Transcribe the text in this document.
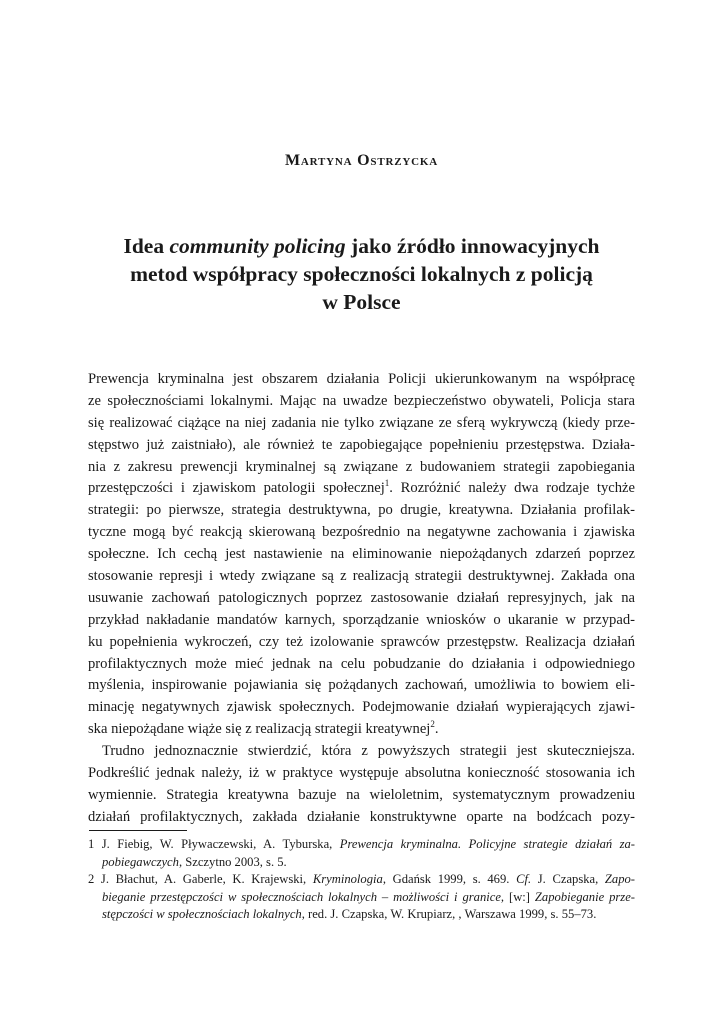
Martyna Ostrzycka
Idea community policing jako źródło innowacyjnych
metod współpracy społeczności lokalnych z policją
w Polsce
Prewencja kryminalna jest obszarem działania Policji ukierunkowanym na współpracę
ze społecznościami lokalnymi. Mając na uwadze bezpieczeństwo obywateli, Policja stara
się realizować ciążące na niej zadania nie tylko związane ze sferą wykrywczą (kiedy prze-
stępstwo już zaistniało), ale również te zapobiegające popełnieniu przestępstwa. Działa-
nia z zakresu prewencji kryminalnej są związane z budowaniem strategii zapobiegania
przestępczości i zjawiskom patologii społecznej$^1$. Rozróżnić należy dwa rodzaje tychże
strategii: po pierwsze, strategia destruktywna, po drugie, kreatywna. Działania profilak-
tyczne mogą być reakcją skierowaną bezpośrednio na negatywne zachowania i zjawiska
społeczne. Ich cechą jest nastawienie na eliminowanie niepożądanych zdarzeń poprzez
stosowanie represji i wtedy związane są z realizacją strategii destruktywnej. Zakłada ona
usuwanie zachowań patologicznych poprzez zastosowanie działań represyjnych, jak na
przykład nakładanie mandatów karnych, sporządzanie wniosków o ukaranie w przypad-
ku popełnienia wykroczeń, czy też izolowanie sprawców przestępstw. Realizacja działań
profilaktycznych może mieć jednak na celu pobudzanie do działania i odpowiedniego
myślenia, inspirowanie pojawiania się pożądanych zachowań, umożliwia to bowiem eli-
minację negatywnych zjawisk społecznych. Podejmowanie działań wypierających zjawi-
ska niepożądane wiąże się z realizacją strategii kreatywnej$^2$.
Trudno jednoznacznie stwierdzić, która z powyższych strategii jest skuteczniejsza.
Podkreślić jednak należy, iż w praktyce występuje absolutna konieczność stosowania ich
wymiennie. Strategia kreatywna bazuje na wieloletnim, systematycznym prowadzeniu
działań profilaktycznych, zakłada działanie konstruktywne oparte na bodźcach pozy-
1 J. Fiebig, W. Pływaczewski, A. Tyburska, Prewencja kryminalna. Policyjne strategie działań za-
pobiegawczych, Szczytno 2003, s. 5.
2 J. Błachut, A. Gaberle, K. Krajewski, Kryminologia, Gdańsk 1999, s. 469. Cf. J. Czapska, Zapo-
bieganie przestępczości w społecznościach lokalnych – możliwości i granice, [w:] Zapobieganie prze-
stępczości w społecznościach lokalnych, red. J. Czapska, W. Krupiarz, , Warszawa 1999, s. 55–73.
